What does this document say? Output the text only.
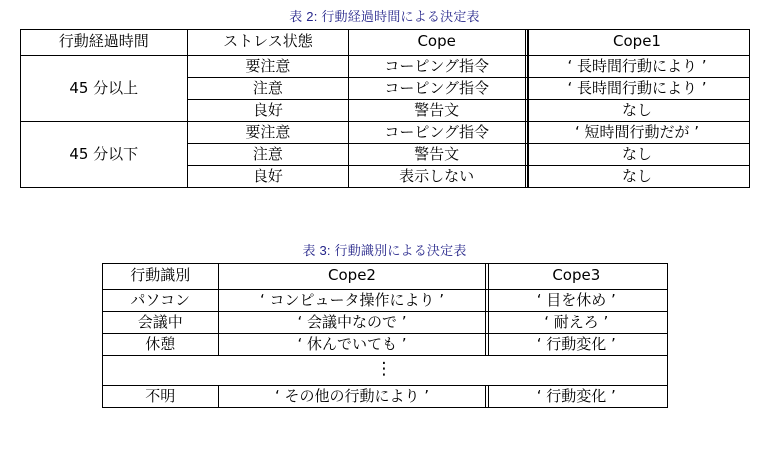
表 2: 行動経過時間による決定表
行動経過時間	ストレス状態	Cope	Cope1
45 分以上	要注意	コーピング指令	‘ 長時間行動により ’
	注意	コーピング指令	‘ 長時間行動により ’
	良好	警告文	なし
45 分以下	要注意	コーピング指令	‘ 短時間行動だが ’
	注意	警告文	なし
	良好	表示しない	なし
表 3: 行動識別による決定表
行動識別	Cope2	Cope3
パソコン	‘ コンピュータ操作により ’	‘ 目を休め ’
会議中	‘ 会議中なので ’	‘ 耐えろ ’
休憩	‘ 休んでいても ’	‘ 行動変化 ’
⋮		
不明	‘ その他の行動により ’	‘ 行動変化 ’
